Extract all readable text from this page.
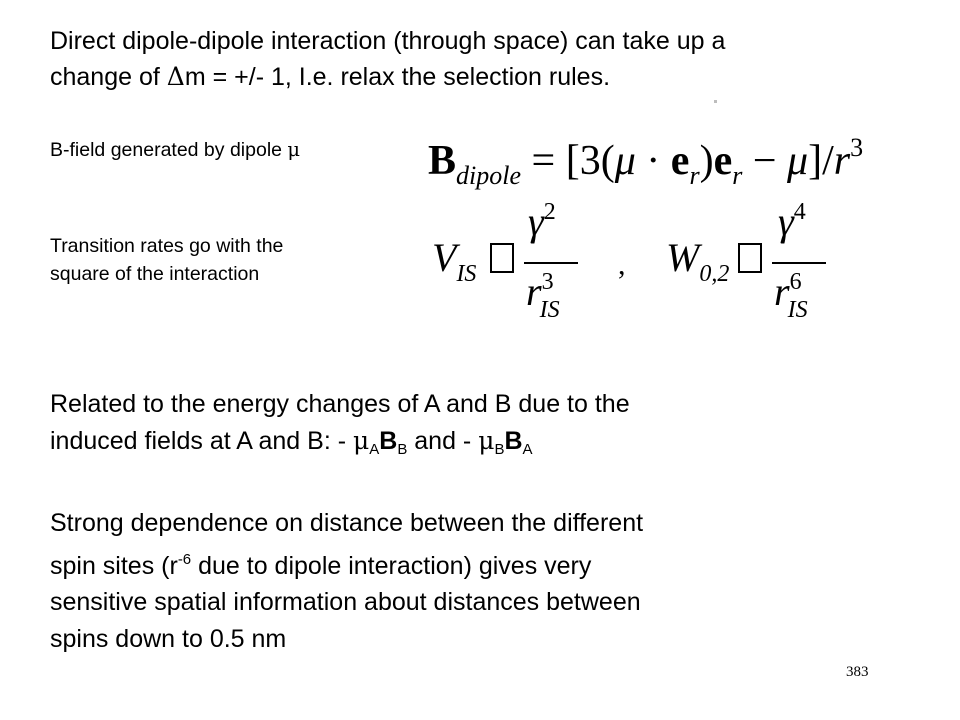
Direct dipole-dipole interaction (through space) can take up a
change of Δm = +/- 1, I.e. relax the selection rules.
B-field generated by dipole μ	$B_{dipole} = [3(\mu \cdot e_r)e_r - \mu]/r^3$
Transition rates go with the
square of the interaction	$V_{IS}$
$\gamma^2$
$r^3_{IS}$
, $W_{0,2}$
$\gamma^4$
$r^6_{IS}$
Related to the energy changes of A and B due to the
induced fields at A and B: - $\mu_AB_B$ and - $\mu_BB_A$
Strong dependence on distance between the different
spin sites ($r^{-6}$ due to dipole interaction) gives very
sensitive spatial information about distances between
spins down to 0.5 nm
383
